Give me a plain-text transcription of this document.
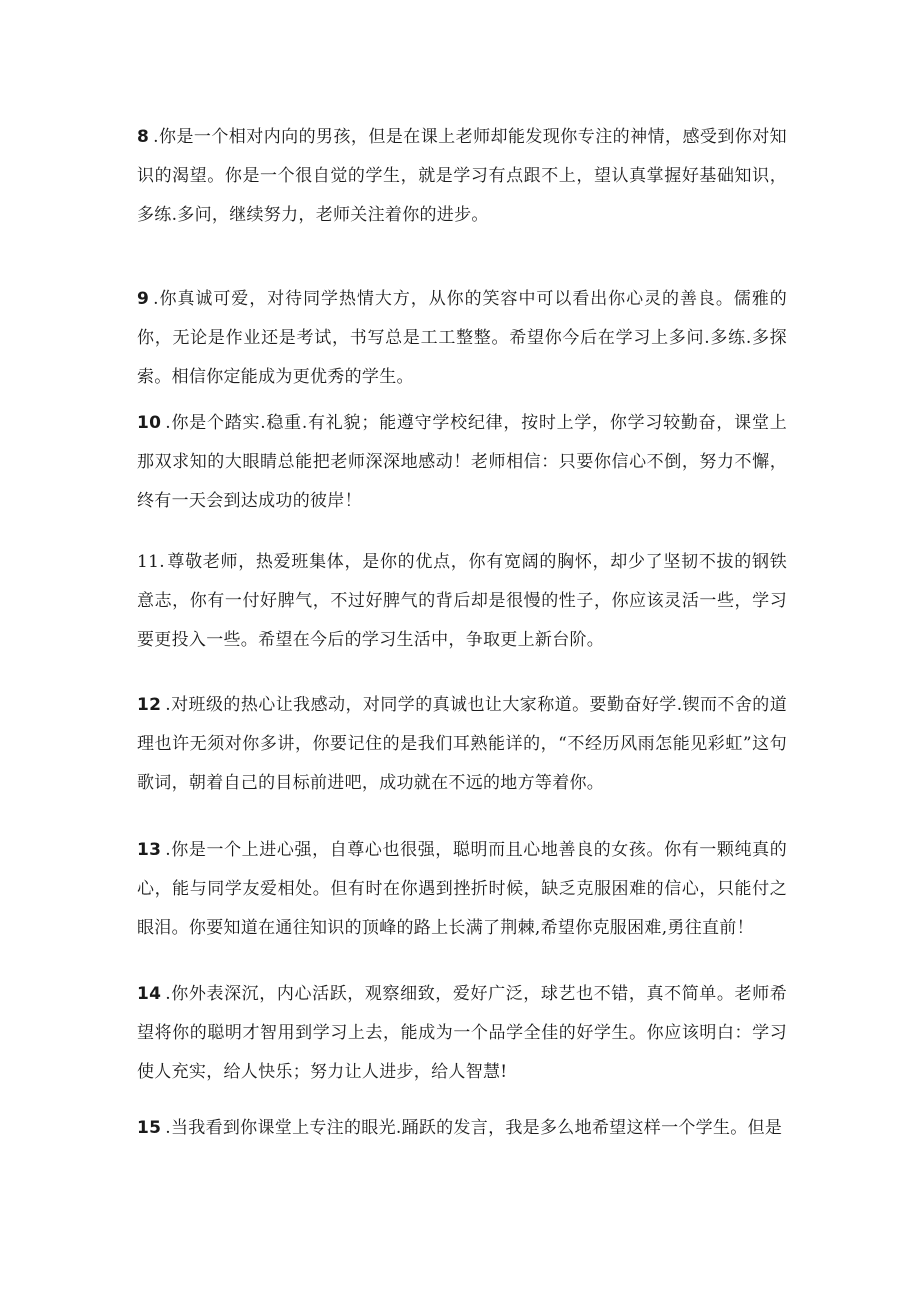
8 .你是一个相对内向的男孩，但是在课上老师却能发现你专注的神情，感受到你对知识的渴望。你是一个很自觉的学生，就是学习有点跟不上，望认真掌握好基础知识，多练.多问，继续努力，老师关注着你的进步。

9 .你真诚可爱，对待同学热情大方，从你的笑容中可以看出你心灵的善良。儒雅的你，无论是作业还是考试，书写总是工工整整。希望你今后在学习上多问.多练.多探索。相信你定能成为更优秀的学生。

10 .你是个踏实.稳重.有礼貌；能遵守学校纪律，按时上学，你学习较勤奋，课堂上那双求知的大眼睛总能把老师深深地感动！老师相信：只要你信心不倒，努力不懈，终有一天会到达成功的彼岸！

11. 尊敬老师，热爱班集体，是你的优点，你有宽阔的胸怀，却少了坚韧不拔的钢铁意志，你有一付好脾气，不过好脾气的背后却是很慢的性子，你应该灵活一些，学习要更投入一些。希望在今后的学习生活中，争取更上新台阶。

12 .对班级的热心让我感动，对同学的真诚也让大家称道。要勤奋好学.锲而不舍的道理也许无须对你多讲，你要记住的是我们耳熟能详的，“不经历风雨怎能见彩虹”这句歌词，朝着自己的目标前进吧，成功就在不远的地方等着你。

13 .你是一个上进心强，自尊心也很强，聪明而且心地善良的女孩。你有一颗纯真的心，能与同学友爱相处。但有时在你遇到挫折时候，缺乏克服困难的信心，只能付之眼泪。你要知道在通往知识的顶峰的路上长满了荆棘,希望你克服困难,勇往直前！

14 .你外表深沉，内心活跃，观察细致，爱好广泛，球艺也不错，真不简单。老师希望将你的聪明才智用到学习上去，能成为一个品学全佳的好学生。你应该明白：学习使人充实，给人快乐；努力让人进步，给人智慧!

15 .当我看到你课堂上专注的眼光.踊跃的发言，我是多么地希望这样一个学生。但是
